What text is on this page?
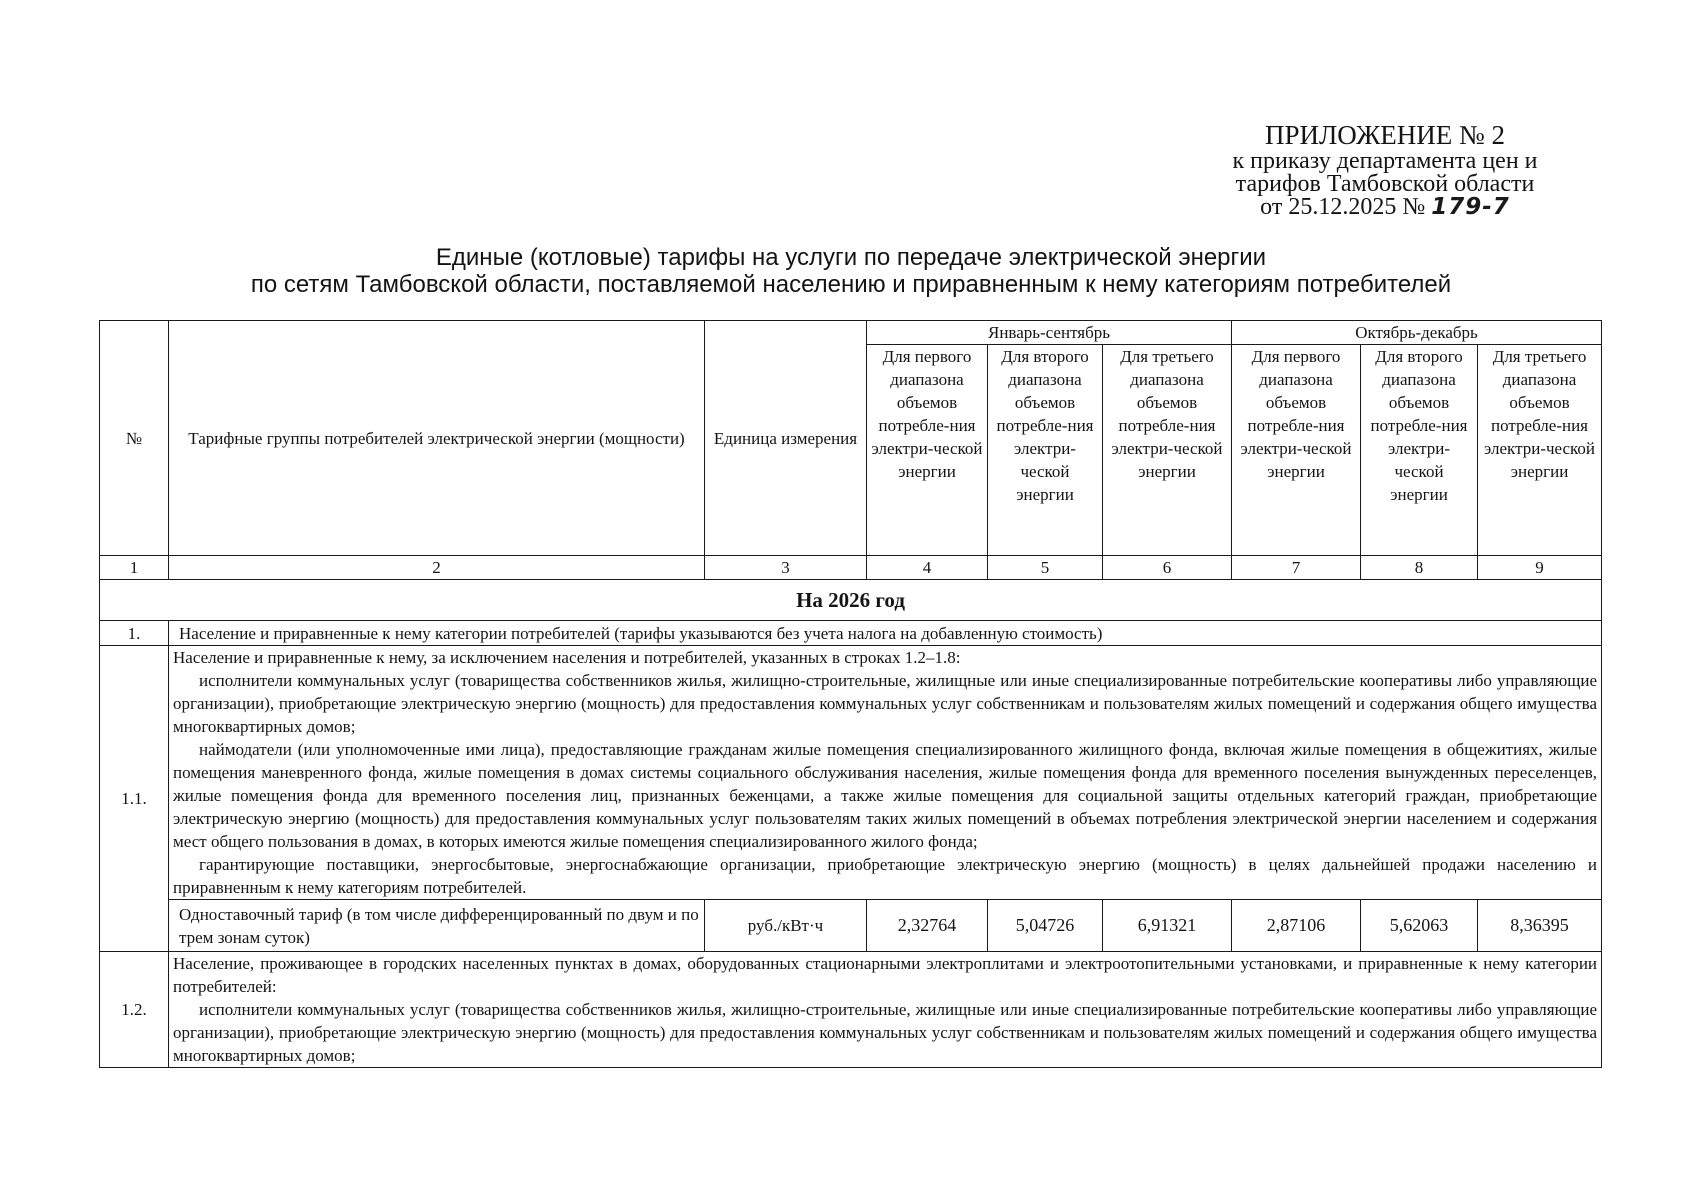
ПРИЛОЖЕНИЕ № 2
к приказу департамента цен и
тарифов Тамбовской области
от 25.12.2025 № 179-7
Единые (котловые) тарифы на услуги по передаче электрической энергии
по сетям Тамбовской области, поставляемой населению и приравненным к нему категориям потребителей
№	Тарифные группы потребителей электрической энергии (мощности)	Единица измерения	Январь-сентябрь			Октябрь-декабрь		
			Для первого диапазона объемов потребле-ния электри-ческой энергии	Для второго диапазона объемов потребле-ния электри-ческой энергии	Для третьего диапазона объемов потребле-ния электри-ческой энергии	Для первого диапазона объемов потребле-ния электри-ческой энергии	Для второго диапазона объемов потребле-ния электри-ческой энергии	Для третьего диапазона объемов потребле-ния электри-ческой энергии
1	2	3	4	5	6	7	8	9
На 2026 год								
1.	Население и приравненные к нему категории потребителей (тарифы указываются без учета налога на добавленную стоимость)							
1.1.	Население и приравненные к нему, за исключением населения и потребителей, указанных в строках 1.2–1.8:

исполнители коммунальных услуг (товарищества собственников жилья, жилищно-строительные, жилищные или иные специализированные потребительские кооперативы либо управляющие организации), приобретающие электрическую энергию (мощность) для предоставления коммунальных услуг собственникам и пользователям жилых помещений и содержания общего имущества многоквартирных домов;

наймодатели (или уполномоченные ими лица), предоставляющие гражданам жилые помещения специализированного жилищного фонда, включая жилые помещения в общежитиях, жилые помещения маневренного фонда, жилые помещения в домах системы социального обслуживания населения, жилые помещения фонда для временного поселения вынужденных переселенцев, жилые помещения фонда для временного поселения лиц, признанных беженцами, а также жилые помещения для социальной защиты отдельных категорий граждан, приобретающие электрическую энергию (мощность) для предоставления коммунальных услуг пользователям таких жилых помещений в объемах потребления электрической энергии населением и содержания мест общего пользования в домах, в которых имеются жилые помещения специализированного жилого фонда;

гарантирующие поставщики, энергосбытовые, энергоснабжающие организации, приобретающие электрическую энергию (мощность) в целях дальнейшей продажи населению и приравненным к нему категориям потребителей.							

	Одноставочный тариф (в том числе дифференцированный по двум и по трем зонам суток)	руб./кВт·ч	2,32764	5,04726	6,91321	2,87106	5,62063	8,36395
1.2.	Население, проживающее в городских населенных пунктах в домах, оборудованных стационарными электроплитами и электроотопительными установками, и приравненные к нему категории потребителей:

исполнители коммунальных услуг (товарищества собственников жилья, жилищно-строительные, жилищные или иные специализированные потребительские кооперативы либо управляющие организации), приобретающие электрическую энергию (мощность) для предоставления коммунальных услуг собственникам и пользователям жилых помещений и содержания общего имущества многоквартирных домов;							
